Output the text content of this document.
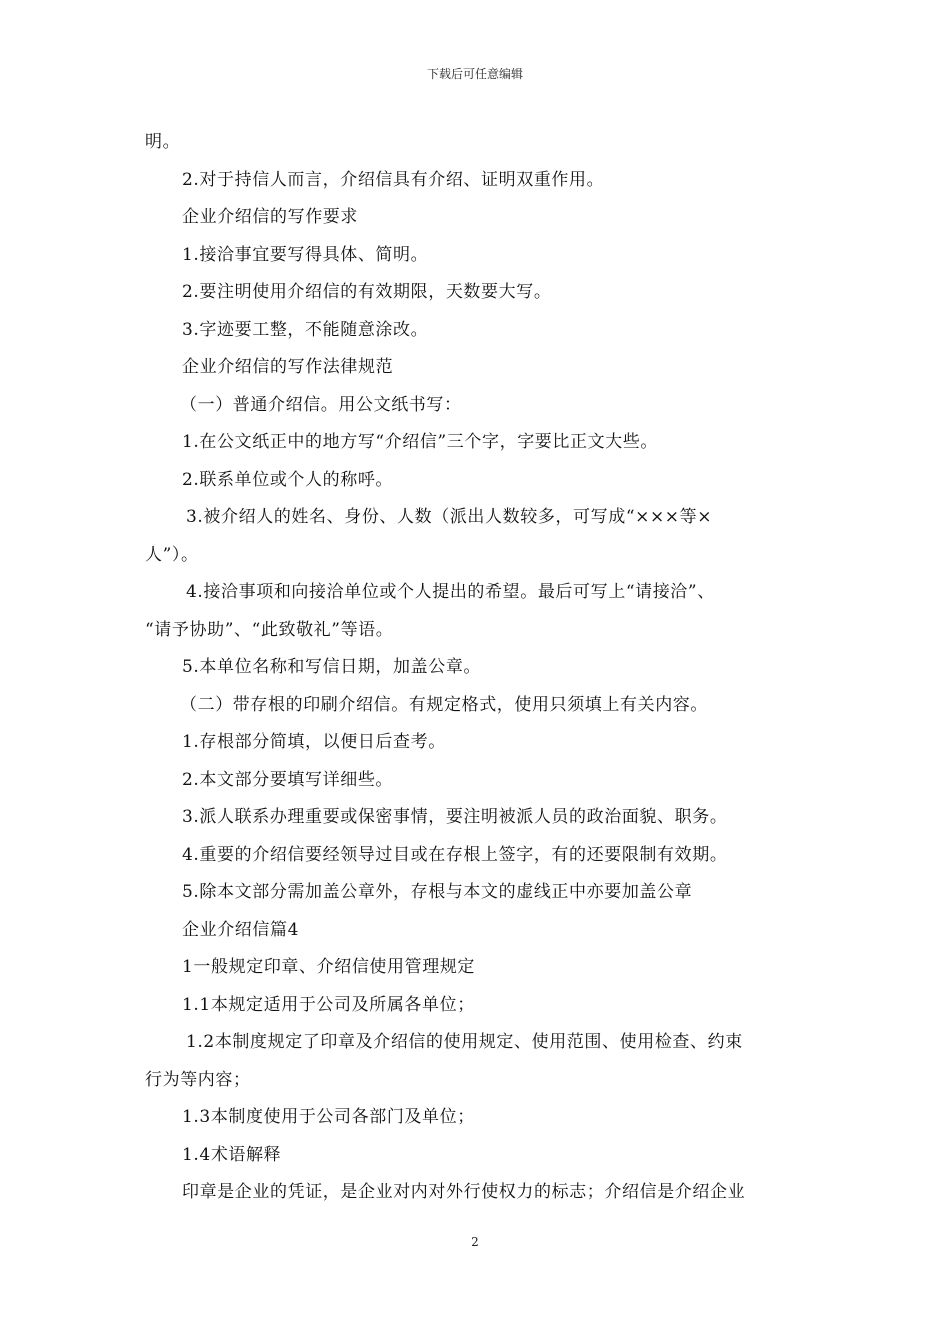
下载后可任意编辑
明。
2.对于持信人而言，介绍信具有介绍、证明双重作用。
企业介绍信的写作要求
1.接洽事宜要写得具体、简明。
2.要注明使用介绍信的有效期限，天数要大写。
3.字迹要工整，不能随意涂改。
企业介绍信的写作法律规范
（一）普通介绍信。用公文纸书写：
1.在公文纸正中的地方写“介绍信”三个字，字要比正文大些。
2.联系单位或个人的称呼。
3.被介绍人的姓名、身份、人数（派出人数较多，可写成“×××等×
人”）。
4.接洽事项和向接洽单位或个人提出的希望。最后可写上“请接洽”、
“请予协助”、“此致敬礼”等语。
5.本单位名称和写信日期，加盖公章。
（二）带存根的印刷介绍信。有规定格式，使用只须填上有关内容。
1.存根部分简填，以便日后查考。
2.本文部分要填写详细些。
3.派人联系办理重要或保密事情，要注明被派人员的政治面貌、职务。
4.重要的介绍信要经领导过目或在存根上签字，有的还要限制有效期。
5.除本文部分需加盖公章外，存根与本文的虚线正中亦要加盖公章
企业介绍信篇4
1一般规定印章、介绍信使用管理规定
1.1本规定适用于公司及所属各单位；
1.2本制度规定了印章及介绍信的使用规定、使用范围、使用检查、约束
行为等内容；
1.3本制度使用于公司各部门及单位；
1.4术语解释
印章是企业的凭证，是企业对内对外行使权力的标志；介绍信是介绍企业
2
